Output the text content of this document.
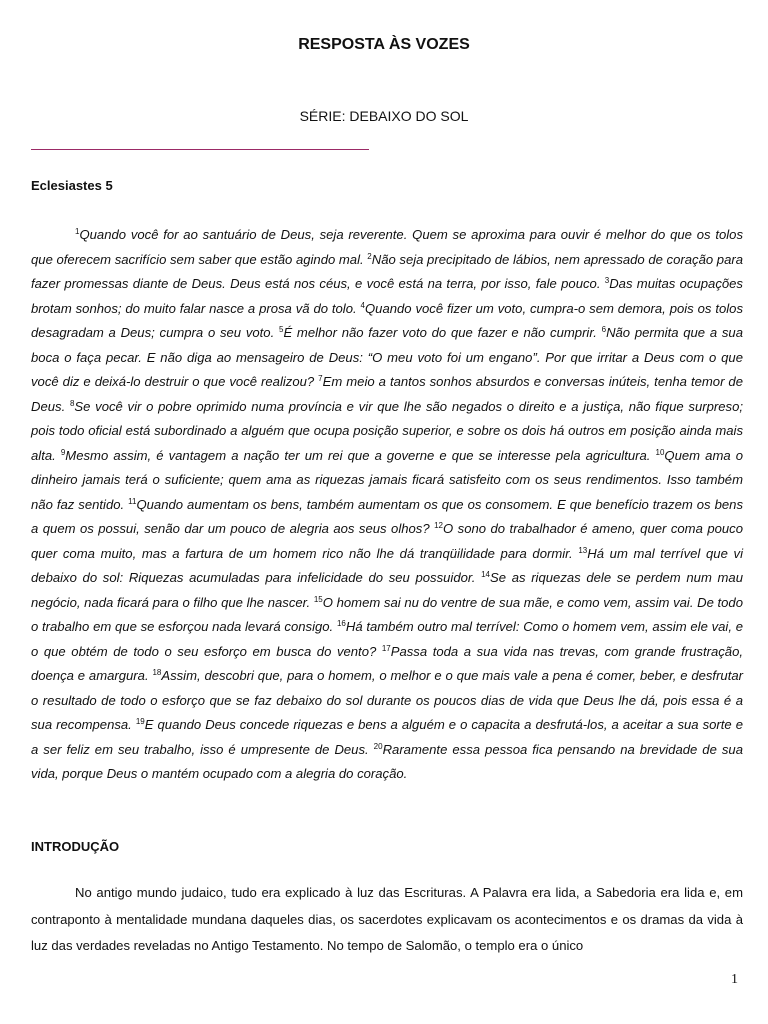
RESPOSTA ÀS VOZES

SÉRIE: DEBAIXO DO SOL

Eclesiastes 5

$^1$Quando você for ao santuário de Deus, seja reverente. Quem se aproxima para ouvir é melhor do que os tolos que oferecem sacrifício sem saber que estão agindo mal. $^2$Não seja precipitado de lábios, nem apressado de coração para fazer promessas diante de Deus. Deus está nos céus, e você está na terra, por isso, fale pouco. $^3$Das muitas ocupações brotam sonhos; do muito falar nasce a prosa vã do tolo. $^4$Quando você fizer um voto, cumpra-o sem demora, pois os tolos desagradam a Deus; cumpra o seu voto. $^5$É melhor não fazer voto do que fazer e não cumprir. $^6$Não permita que a sua boca o faça pecar. E não diga ao mensageiro de Deus: “O meu voto foi um engano”. Por que irritar a Deus com o que você diz e deixá-lo destruir o que você realizou? $^7$Em meio a tantos sonhos absurdos e conversas inúteis, tenha temor de Deus. $^8$Se você vir o pobre oprimido numa província e vir que lhe são negados o direito e a justiça, não fique surpreso; pois todo oficial está subordinado a alguém que ocupa posição superior, e sobre os dois há outros em posição ainda mais alta. $^9$Mesmo assim, é vantagem a nação ter um rei que a governe e que se interesse pela agricultura. $^{10}$Quem ama o dinheiro jamais terá o suficiente; quem ama as riquezas jamais ficará satisfeito com os seus rendimentos. Isso também não faz sentido. $^{11}$Quando aumentam os bens, também aumentam os que os consomem. E que benefício trazem os bens a quem os possui, senão dar um pouco de alegria aos seus olhos? $^{12}$O sono do trabalhador é ameno, quer coma pouco quer coma muito, mas a fartura de um homem rico não lhe dá tranqüilidade para dormir. $^{13}$Há um mal terrível que vi debaixo do sol: Riquezas acumuladas para infelicidade do seu possuidor. $^{14}$Se as riquezas dele se perdem num mau negócio, nada ficará para o filho que lhe nascer. $^{15}$O homem sai nu do ventre de sua mãe, e como vem, assim vai. De todo o trabalho em que se esforçou nada levará consigo. $^{16}$Há também outro mal terrível: Como o homem vem, assim ele vai, e o que obtém de todo o seu esforço em busca do vento? $^{17}$Passa toda a sua vida nas trevas, com grande frustração, doença e amargura. $^{18}$Assim, descobri que, para o homem, o melhor e o que mais vale a pena é comer, beber, e desfrutar o resultado de todo o esforço que se faz debaixo do sol durante os poucos dias de vida que Deus lhe dá, pois essa é a sua recompensa. $^{19}$E quando Deus concede riquezas e bens a alguém e o capacita a desfrutá-los, a aceitar a sua sorte e a ser feliz em seu trabalho, isso é umpresente de Deus. $^{20}$Raramente essa pessoa fica pensando na brevidade de sua vida, porque Deus o mantém ocupado com a alegria do coração.

INTRODUÇÃO

No antigo mundo judaico, tudo era explicado à luz das Escrituras. A Palavra era lida, a Sabedoria era lida e, em contraponto à mentalidade mundana daqueles dias, os sacerdotes explicavam os acontecimentos e os dramas da vida à luz das verdades reveladas no Antigo Testamento. No tempo de Salomão, o templo era o único

1
